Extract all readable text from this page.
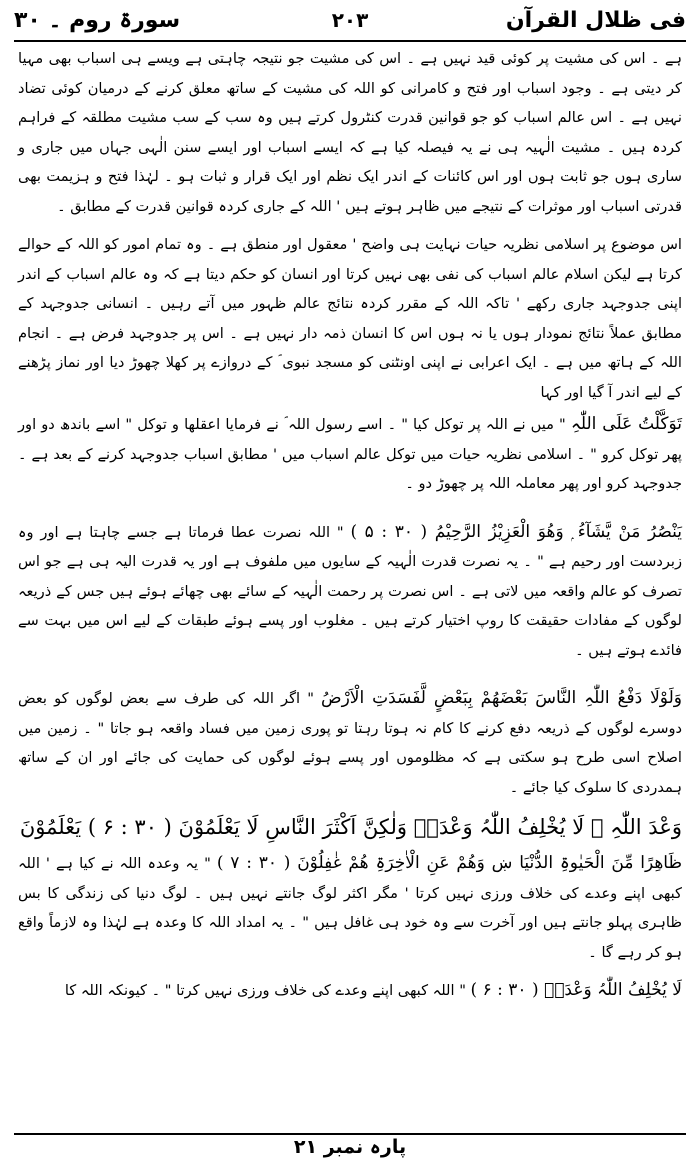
فی ظلال القرآن
۲۰۳
سورۃ روم ۔ ۳۰

ہے ۔ اس کی مشیت پر کوئی قید نہیں ہے ۔ اس کی مشیت جو نتیجہ چاہتی ہے ویسے ہی اسباب بھی مہیا کر دیتی ہے ۔ وجود اسباب اور فتح و کامرانی کو اللہ کی مشیت کے ساتھ معلق کرنے کے درمیان کوئی تضاد نہیں ہے ۔ اس عالم اسباب کو جو قوانین قدرت کنٹرول کرتے ہیں وہ سب کے سب مشیت مطلقہ کے فراہم کردہ ہیں ۔ مشیت الٰہیہ ہی نے یہ فیصلہ کیا ہے کہ ایسے اسباب اور ایسے سنن الٰہی جہاں میں جاری و ساری ہوں جو ثابت ہوں اور اس کائنات کے اندر ایک نظم اور ایک قرار و ثبات ہو ۔ لہٰذا فتح و ہزیمت بھی قدرتی اسباب اور موثرات کے نتیجے میں ظاہر ہوتے ہیں ' اللہ کے جاری کردہ قوانین قدرت کے مطابق ۔

اس موضوع پر اسلامی نظریہ حیات نہایت ہی واضح ' معقول اور منطق ہے ۔ وہ تمام امور کو اللہ کے حوالے کرتا ہے لیکن اسلام عالم اسباب کی نفی بھی نہیں کرتا اور انسان کو حکم دیتا ہے کہ وہ عالم اسباب کے اندر اپنی جدوجہد جاری رکھے ' تاکہ اللہ کے مقرر کردہ نتائج عالم ظہور میں آتے رہیں ۔ انسانی جدوجہد کے مطابق عملاً نتائج نمودار ہوں یا نہ ہوں اس کا انسان ذمہ دار نہیں ہے ۔ اس پر جدوجہد فرض ہے ۔ انجام اللہ کے ہاتھ میں ہے ۔ ایک اعرابی نے اپنی اونٹنی کو مسجد نبوی ؐ کے دروازے پر کھلا چھوڑ دیا اور نماز پڑھنے کے لیے اندر آ گیا اور کہا

تَوَکَّلْتُ عَلَی اللّٰہِ " میں نے اللہ پر توکل کیا " ۔ اسے رسول اللہ ؐ نے فرمایا اعقلھا و توکل " اسے باندھ دو اور پھر توکل کرو " ۔ اسلامی نظریہ حیات میں توکل عالم اسباب میں ' مطابق اسباب جدوجہد کرنے کے بعد ہے ۔ جدوجہد کرو اور پھر معاملہ اللہ پر چھوڑ دو ۔

یَنْصُرُ مَنْ یَّشَآءُ ۭ وَھُوَ الْعَزِیْزُ الرَّحِیْمُ ( ۳۰ : ۵ ) " اللہ نصرت عطا فرماتا ہے جسے چاہتا ہے اور وہ زبردست اور رحیم ہے " ۔ یہ نصرت قدرت الٰہیہ کے سایوں میں ملفوف ہے اور یہ قدرت الیہ ہی ہے جو اس تصرف کو عالم واقعہ میں لاتی ہے ۔ اس نصرت پر رحمت الٰہیہ کے سائے بھی چھائے ہوئے ہیں جس کے ذریعہ لوگوں کے مفادات حقیقت کا روپ اختیار کرتے ہیں ۔ مغلوب اور پسے ہوئے طبقات کے لیے اس میں بہت سے فائدے ہوتے ہیں ۔

وَلَوْلَا دَفْعُ اللّٰہِ النَّاسَ بَعْضَھُمْ بِبَعْضٍ لَّفَسَدَتِ الْاَرْضُ " اگر اللہ کی طرف سے بعض لوگوں کو بعض دوسرے لوگوں کے ذریعہ دفع کرنے کا کام نہ ہوتا رہتا تو پوری زمین میں فساد واقعہ ہو جاتا " ۔ زمین میں اصلاح اسی طرح ہو سکتی ہے کہ مظلوموں اور پسے ہوئے لوگوں کی حمایت کی جائے اور ان کے ساتھ ہمدردی کا سلوک کیا جائے ۔

وَعْدَ اللّٰہِ ۭ لَا یُخْلِفُ اللّٰہُ وَعْدَہٗ وَلٰکِنَّ اَکْثَرَ النَّاسِ لَا یَعْلَمُوْنَ ( ۳۰ : ۶ ) یَعْلَمُوْنَ

ظَاھِرًا مِّنَ الْحَیٰوۃِ الدُّنْیَا ښ وَھُمْ عَنِ الْاٰخِرَۃِ ھُمْ غٰفِلُوْنَ ( ۳۰ : ۷ ) " یہ وعدہ اللہ نے کیا ہے ' اللہ کبھی اپنے وعدے کی خلاف ورزی نہیں کرتا ' مگر اکثر لوگ جانتے نہیں ہیں ۔ لوگ دنیا کی زندگی کا بس ظاہری پہلو جانتے ہیں اور آخرت سے وہ خود ہی غافل ہیں " ۔ یہ امداد اللہ کا وعدہ ہے لہٰذا وہ لازماً واقع ہو کر رہے گا ۔

لَا یُخْلِفُ اللّٰہُ وَعْدَہٗ ( ۳۰ : ۶ ) " اللہ کبھی اپنے وعدے کی خلاف ورزی نہیں کرتا " ۔ کیونکہ اللہ کا

پارہ نمبر ۲۱
